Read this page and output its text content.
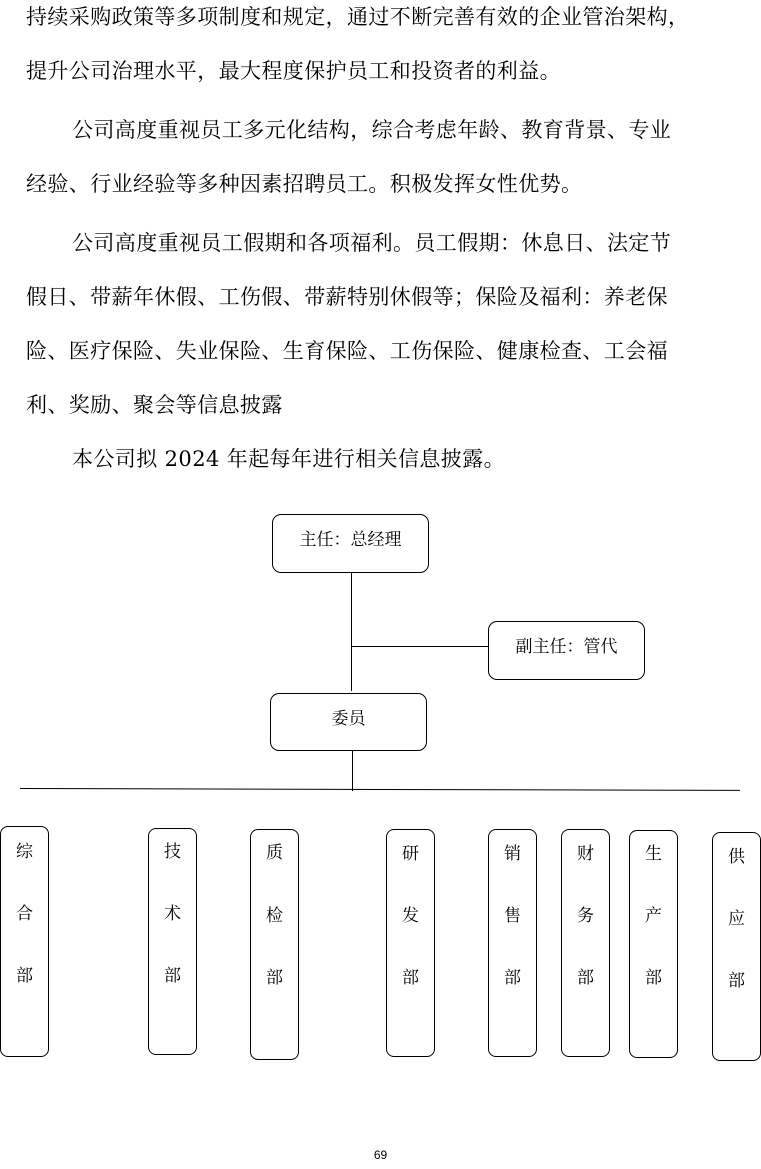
持续采购政策等多项制度和规定，通过不断完善有效的企业管治架构，
提升公司治理水平，最大程度保护员工和投资者的利益。

公司高度重视员工多元化结构，综合考虑年龄、教育背景、专业
经验、行业经验等多种因素招聘员工。积极发挥女性优势。

公司高度重视员工假期和各项福利。员工假期：休息日、法定节
假日、带薪年休假、工伤假、带薪特别休假等；保险及福利：养老保
险、医疗保险、失业保险、生育保险、工伤保险、健康检查、工会福
利、奖励、聚会等信息披露

本公司拟 2024 年起每年进行相关信息披露。

主任：总经理
副主任：管代
委员
综
合
部
技
术
部
质
检
部
研
发
部
销
售
部
财
务
部
生
产
部
供
应
部
69
